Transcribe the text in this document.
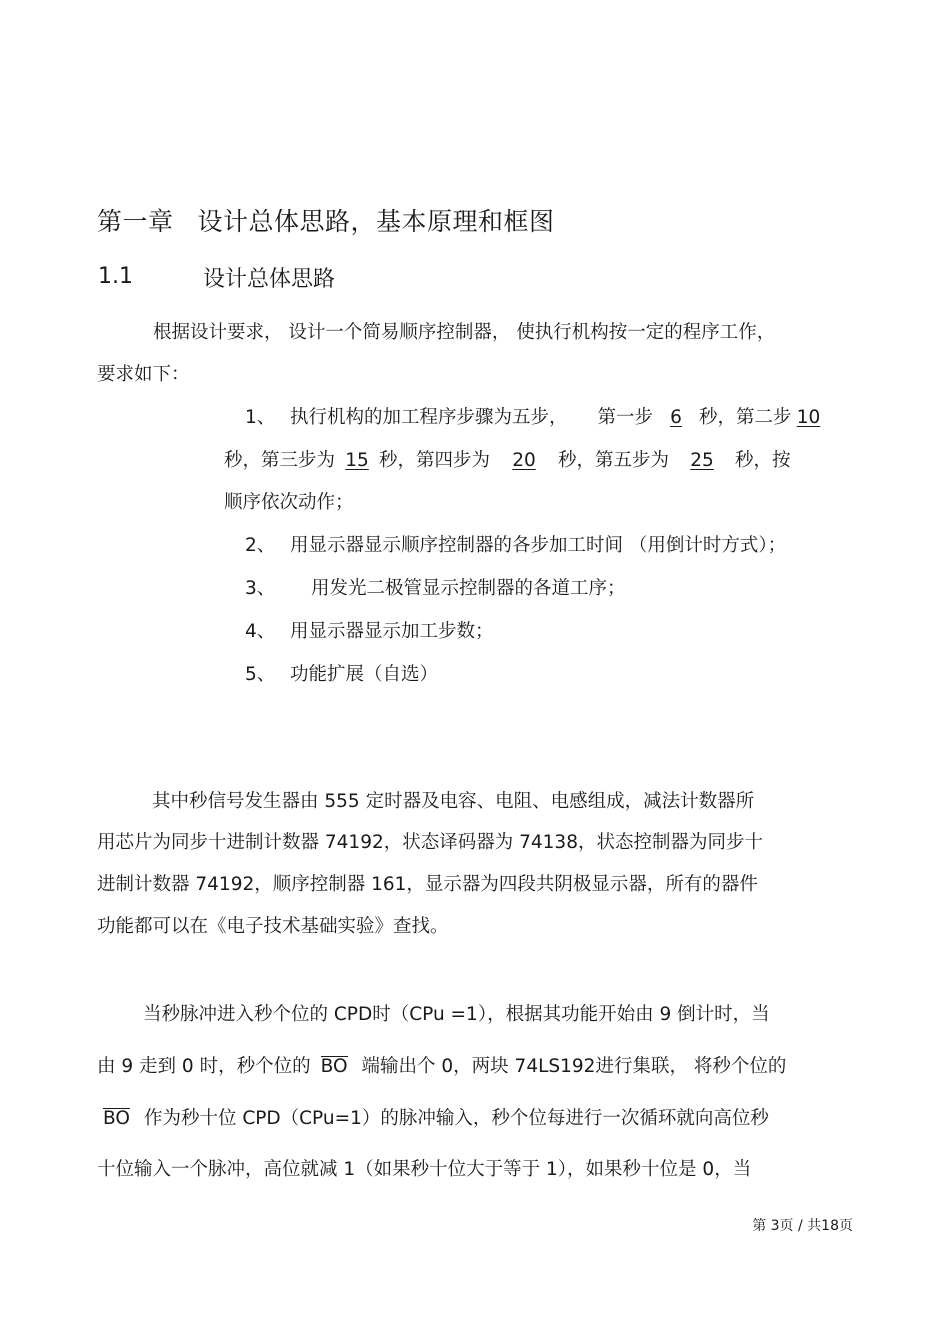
第一章 设计总体思路，基本原理和框图
1.1	设计总体思路
根据设计要求， 设计一个简易顺序控制器， 使执行机构按一定的程序工作，
要求如下：
1、 执行机构的加工程序步骤为五步， 第一步 6 秒，第二步 10
秒，第三步为 15 秒，第四步为 20 秒，第五步为 25 秒，按
顺序依次动作；
2、 用显示器显示顺序控制器的各步加工时间 （用倒计时方式）；
3、 用发光二极管显示控制器的各道工序；
4、 用显示器显示加工步数；
5、 功能扩展（自选）
其中秒信号发生器由 555 定时器及电容、电阻、电感组成，减法计数器所
用芯片为同步十进制计数器 74192，状态译码器为 74138，状态控制器为同步十
进制计数器 74192，顺序控制器 161，显示器为四段共阴极显示器，所有的器件
功能都可以在《电子技术基础实验》查找。
当秒脉冲进入秒个位的 CPD时（CPu =1），根据其功能开始由 9 倒计时，当
由 9 走到 0 时，秒个位的 BO 端输出个 0，两块 74LS192进行集联， 将秒个位的
BO 作为秒十位 CPD（CPu=1）的脉冲输入，秒个位每进行一次循环就向高位秒
十位输入一个脉冲，高位就减 1（如果秒十位大于等于 1），如果秒十位是 0，当
第 3页 / 共18页
